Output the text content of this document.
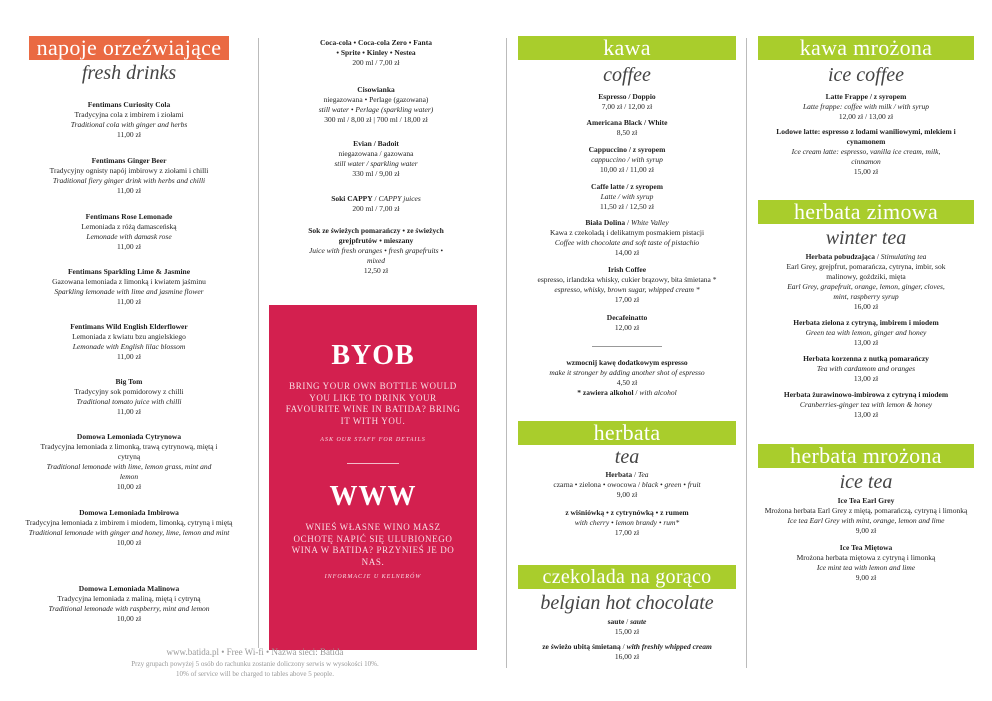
napoje orzeźwiające
fresh drinks
Fentimans Curiosity Cola
Tradycyjna cola z imbirem i ziołami
Traditional cola with ginger and herbs
11,00 zł
Fentimans Ginger Beer
Tradycyjny ognisty napój imbirowy z ziołami i chilli
Traditional fiery ginger drink with herbs and chilli
11,00 zł
Fentimans Rose Lemonade
Lemoniada z różą damasceńską
Lemonade with damask rose
11,00 zł
Fentimans Sparkling Lime & Jasmine
Gazowana lemoniada z limonką i kwiatem jaśminu
Sparkling lemonade with lime and jasmine flower
11,00 zł
Fentimans Wild English Elderflower
Lemoniada z kwiatu bzu angielskiego
Lemonade with English lilac blossom
11,00 zł
Big Tom
Tradycyjny sok pomidorowy z chilli
Traditional tomato juice with chilli
11,00 zł
Domowa Lemoniada Cytrynowa
Tradycyjna lemoniada z limonką, trawą cytrynową, miętą i cytryną
Traditional lemonade with lime, lemon grass, mint and lemon
10,00 zł
Domowa Lemoniada Imbirowa
Tradycyjna lemoniada z imbirem i miodem, limonką, cytryną i miętą
Traditional lemonade with ginger and honey, lime, lemon and mint
10,00 zł
Domowa Lemoniada Malinowa
Tradycyjna lemoniada z maliną, miętą i cytryną
Traditional lemonade with raspberry, mint and lemon
10,00 zł
Coca-cola • Coca-cola Zero • Fanta • Sprite • Kinley • Nestea
200 ml / 7,00 zł
Cisowianka
niegazowana • Perlage (gazowana)
still water • Perlage (sparkling water)
300 ml / 8,00 zł | 700 ml / 18,00 zł
Evian / Badoit
niegazowana / gazowana
still water / sparkling water
330 ml / 9,00 zł
Soki CAPPY / CAPPY juices
200 ml / 7,00 zł
Sok ze świeżych pomarańczy • ze świeżych grejpfrutów • mieszany
Juice with fresh oranges • fresh grapefruits • mixed
12,50 zł
BYOB
BRING YOUR OWN BOTTLE WOULD YOU LIKE TO DRINK YOUR FAVOURITE WINE IN BATIDA? BRING IT WITH YOU.
ASK OUR STAFF FOR DETAILS
WWW
WNIEŚ WŁASNE WINO MASZ OCHOTĘ NAPIĆ SIĘ ULUBIONEGO WINA W BATIDA? PRZYNIEŚ JE DO NAS.
INFORMACJE U KELNERÓW
www.batida.pl • Free Wi-fi • Nazwa sieci: Batida
Przy grupach powyżej 5 osób do rachunku zostanie doliczony serwis w wysokości 10%.
10% of service will be charged to tables above 5 people.
kawa
coffee
Espresso / Doppio
7,00 zł / 12,00 zł
Americana Black / White
8,50 zł
Cappuccino / z syropem
cappuccino / with syrup
10,00 zł / 11,00 zł
Caffe latte / z syropem
Latte / with syrup
11,50 zł / 12,50 zł
Biała Dolina / White Valley
Kawa z czekoladą i delikatnym posmakiem pistacji
Coffee with chocolate and soft taste of pistachio
14,00 zł
Irish Coffee
espresso, irlandzka whisky, cukier brązowy, bita śmietana *
espresso, whisky, brown sugar, whipped cream *
17,00 zł
Decafeinatto
12,00 zł
wzmocnij kawę dodatkowym espresso
make it stronger by adding another shot of espresso
4,50 zł
* zawiera alkohol / with alcohol
herbata
tea
Herbata / Tea
czarna • zielona • owocowa / black • green • fruit
9,00 zł
z wiśniówką • z cytrynówką • z rumem
with cherry • lemon brandy • rum*
17,00 zł
czekolada na gorąco
belgian hot chocolate
saute / saute
15,00 zł
ze świeżo ubitą śmietaną / with freshly whipped cream
16,00 zł
kawa mrożona
ice coffee
Latte Frappe / z syropem
Latte frappe: coffee with milk / with syrup
12,00 zł / 13,00 zł
Lodowe latte: espresso z lodami waniliowymi, mlekiem i cynamonem
Ice cream latte: espresso, vanilla ice cream, milk, cinnamon
15,00 zł
herbata zimowa
winter tea
Herbata pobudzająca / Stimulating tea
Earl Grey, grejpfrut, pomarańcza, cytryna, imbir, sok malinowy, goździki, mięta
Earl Grey, grapefruit, orange, lemon, ginger, cloves, mint, raspberry syrup
16,00 zł
Herbata zielona z cytryną, imbirem i miodem
Green tea with lemon, ginger and honey
13,00 zł
Herbata korzenna z nutką pomarańczy
Tea with cardamom and oranges
13,00 zł
Herbata żurawinowo-imbirowa z cytryną i miodem
Cranberries-ginger tea with lemon & honey
13,00 zł
herbata mrożona
ice tea
Ice Tea Earl Grey
Mrożona herbata Earl Grey z miętą, pomarańczą, cytryną i limonką
Ice tea Earl Grey with mint, orange, lemon and lime
9,00 zł
Ice Tea Miętowa
Mrożona herbata miętowa z cytryną i limonką
Ice mint tea with lemon and lime
9,00 zł
